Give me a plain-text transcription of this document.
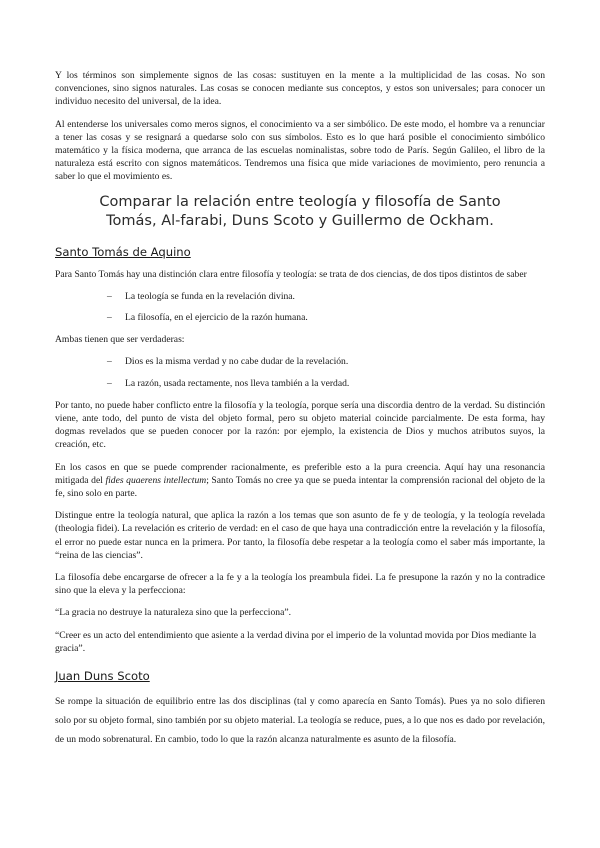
Y los términos son simplemente signos de las cosas: sustituyen en la mente a la multiplicidad de las cosas. No son convenciones, sino signos naturales. Las cosas se conocen mediante sus conceptos, y estos son universales; para conocer un individuo necesito del universal, de la idea.

Al entenderse los universales como meros signos, el conocimiento va a ser simbólico. De este modo, el hombre va a renunciar a tener las cosas y se resignará a quedarse solo con sus símbolos. Esto es lo que hará posible el conocimiento simbólico matemático y la física moderna, que arranca de las escuelas nominalistas, sobre todo de París. Según Galileo, el libro de la naturaleza está escrito con signos matemáticos. Tendremos una física que mide variaciones de movimiento, pero renuncia a saber lo que el movimiento es.

Comparar la relación entre teología y filosofía de Santo Tomás, Al-farabi, Duns Scoto y Guillermo de Ockham.
Santo Tomás de Aquino

Para Santo Tomás hay una distinción clara entre filosofía y teología: se trata de dos ciencias, de dos tipos distintos de saber

– La teología se funda en la revelación divina.
– La filosofía, en el ejercicio de la razón humana.

Ambas tienen que ser verdaderas:

– Dios es la misma verdad y no cabe dudar de la revelación.
– La razón, usada rectamente, nos lleva también a la verdad.

Por tanto, no puede haber conflicto entre la filosofía y la teología, porque sería una discordia dentro de la verdad. Su distinción viene, ante todo, del punto de vista del objeto formal, pero su objeto material coincide parcialmente. De esta forma, hay dogmas revelados que se pueden conocer por la razón: por ejemplo, la existencia de Dios y muchos atributos suyos, la creación, etc.

En los casos en que se puede comprender racionalmente, es preferible esto a la pura creencia. Aquí hay una resonancia mitigada del fides quaerens intellectum; Santo Tomás no cree ya que se pueda intentar la comprensión racional del objeto de la fe, sino solo en parte.

Distingue entre la teología natural, que aplica la razón a los temas que son asunto de fe y de teología, y la teología revelada (theologia fidei). La revelación es criterio de verdad: en el caso de que haya una contradicción entre la revelación y la filosofía, el error no puede estar nunca en la primera. Por tanto, la filosofía debe respetar a la teología como el saber más importante, la “reina de las ciencias”.

La filosofía debe encargarse de ofrecer a la fe y a la teología los preambula fidei. La fe presupone la razón y no la contradice sino que la eleva y la perfecciona:

“La gracia no destruye la naturaleza sino que la perfecciona”.

“Creer es un acto del entendimiento que asiente a la verdad divina por el imperio de la voluntad movida por Dios mediante la gracia”.

Juan Duns Scoto

Se rompe la situación de equilibrio entre las dos disciplinas (tal y como aparecía en Santo Tomás). Pues ya no solo difieren solo por su objeto formal, sino también por su objeto material. La teología se reduce, pues, a lo que nos es dado por revelación, de un modo sobrenatural. En cambio, todo lo que la razón alcanza naturalmente es asunto de la filosofía.
